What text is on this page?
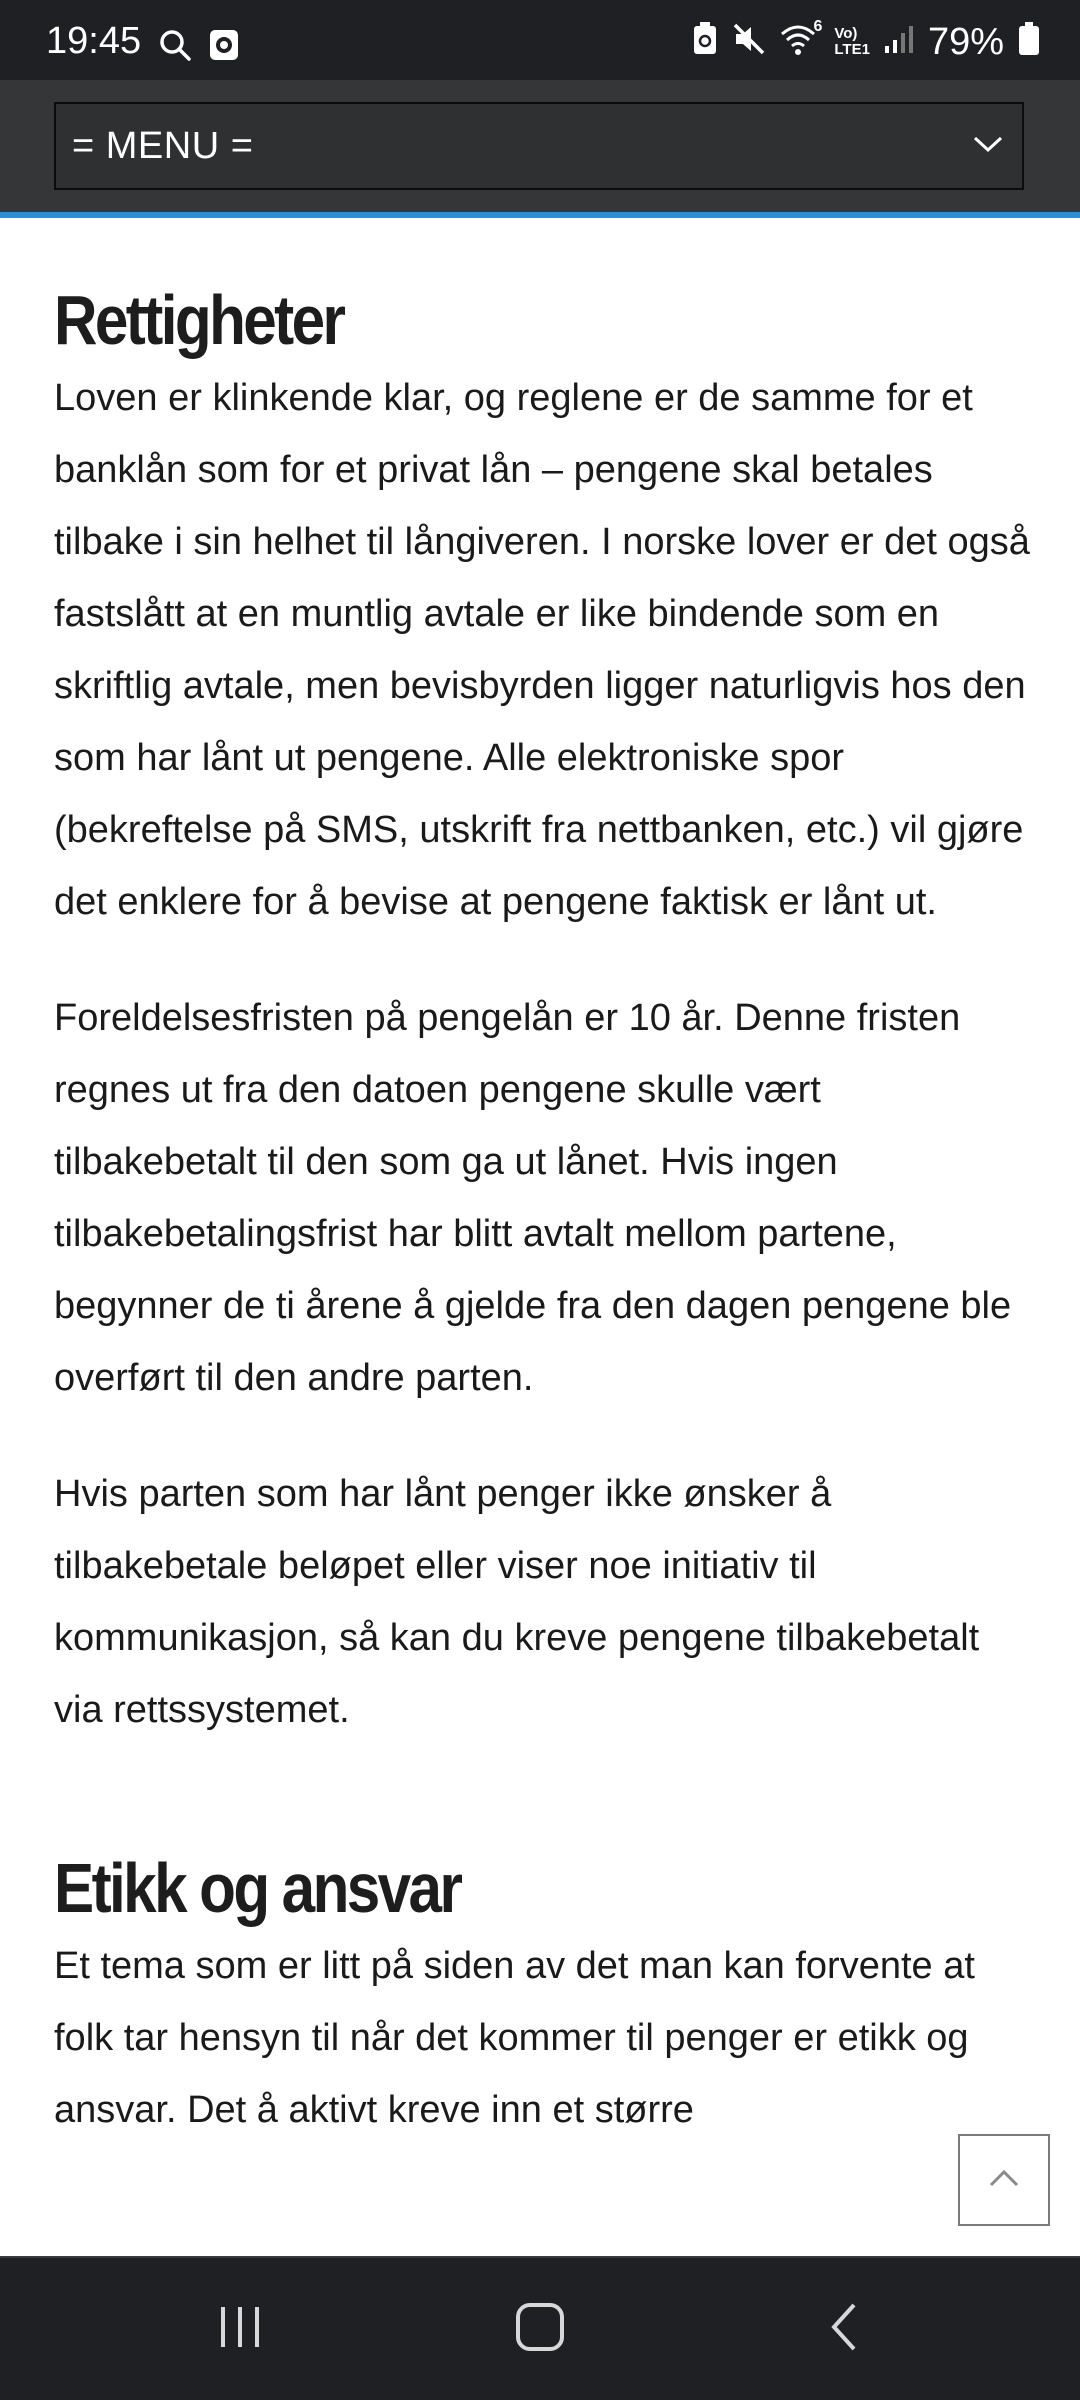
19:45	6 Vo)
LTE1 79%
= MENU =
Rettigheter

Loven er klinkende klar, og reglene er de samme for et banklån som for et privat lån – pengene skal betales tilbake i sin helhet til långiveren. I norske lover er det også fastslått at en muntlig avtale er like bindende som en skriftlig avtale, men bevisbyrden ligger naturligvis hos den som har lånt ut pengene. Alle elektroniske spor (bekreftelse på SMS, utskrift fra nettbanken, etc.) vil gjøre det enklere for å bevise at pengene faktisk er lånt ut.

Foreldelsesfristen på pengelån er 10 år. Denne fristen regnes ut fra den datoen pengene skulle vært tilbakebetalt til den som ga ut lånet. Hvis ingen tilbakebetalingsfrist har blitt avtalt mellom partene, begynner de ti årene å gjelde fra den dagen pengene ble overført til den andre parten.

Hvis parten som har lånt penger ikke ønsker å tilbakebetale beløpet eller viser noe initiativ til kommunikasjon, så kan du kreve pengene tilbakebetalt via rettssystemet.

Etikk og ansvar

Et tema som er litt på siden av det man kan forvente at folk tar hensyn til når det kommer til penger er etikk og ansvar. Det å aktivt kreve inn et større
